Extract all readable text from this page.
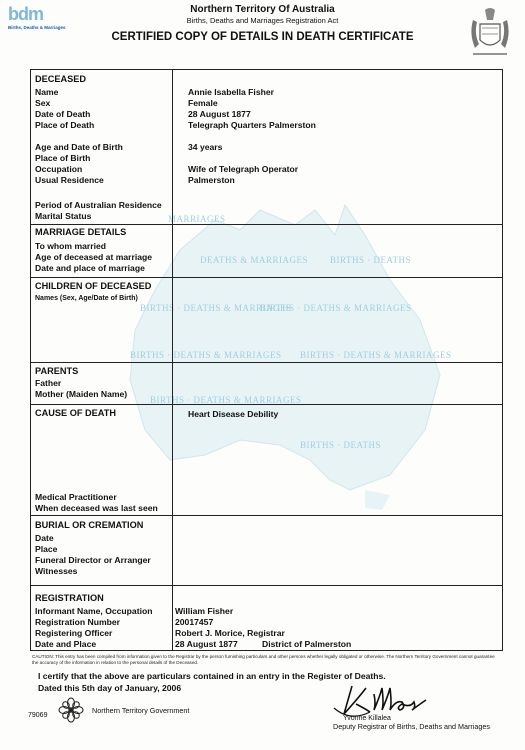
MARRIAGES
DEATHS & MARRIAGES BIRTHS · DEATHS
BIRTHS · DEATHS & MARRIAGES
BIRTHS · DEATHS & MARRIAGES
BIRTHS · DEATHS & MARRIAGES BIRTHS · DEATHS & MARRIAGES
BIRTHS · DEATHS & MARRIAGES
BIRTHS · DEATHS
bdm
Births, Deaths & Marriages
Northern Territory Of Australia
Births, Deaths and Marriages Registration Act
CERTIFIED COPY OF DETAILS IN DEATH CERTIFICATE
DECEASED
Name	Annie Isabella Fisher
Sex	Female
Date of Death	28 August 1877
Place of Death	Telegraph Quarters Palmerston
Age and Date of Birth	34 years
Place of Birth
Occupation	Wife of Telegraph Operator
Usual Residence	Palmerston
Period of Australian Residence
Marital Status
MARRIAGE DETAILS
To whom married
Age of deceased at marriage
Date and place of marriage
CHILDREN OF DECEASED
Names (Sex, Age/Date of Birth)
PARENTS
Father
Mother (Maiden Name)
CAUSE OF DEATH	Heart Disease Debility
Medical Practitioner
When deceased was last seen
BURIAL OR CREMATION
Date
Place
Funeral Director or Arranger
Witnesses
REGISTRATION
Informant Name, Occupation	William Fisher
Registration Number	20017457
Registering Officer	Robert J. Morice, Registrar
Date and Place	28 August 1877	District of Palmerston
CAUTION: This entry has been compiled from information given to the Registrar by the person furnishing particulars and other persons whether legally obligated or otherwise. The Northern Territory Government cannot guarantee the accuracy of the information in relation to the personal details of the Deceased.
I certify that the above are particulars contained in an entry in the Register of Deaths.
Dated this 5th day of January, 2006
79069
Northern Territory Government
Yvonne Killalea
Deputy Registrar of Births, Deaths and Marriages
